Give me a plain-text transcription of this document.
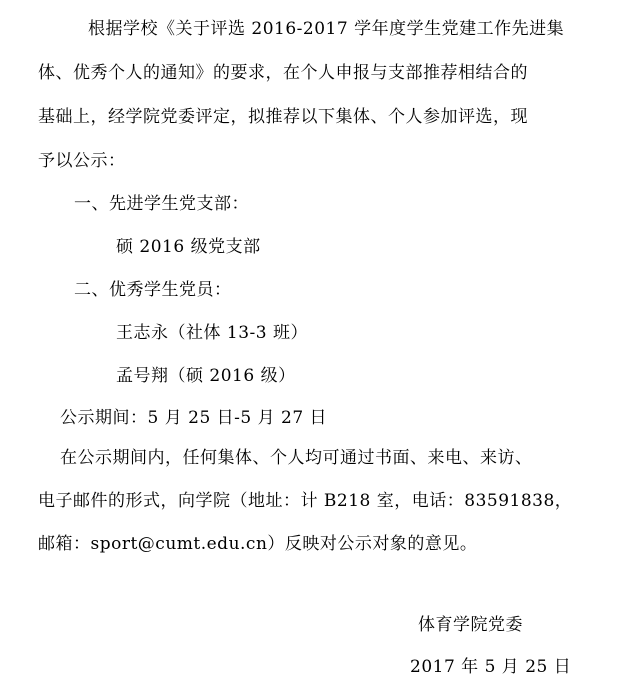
根据学校《关于评选 2016-2017 学年度学生党建工作先进集
体、优秀个人的通知》的要求，在个人申报与支部推荐相结合的
基础上，经学院党委评定，拟推荐以下集体、个人参加评选，现
予以公示：
一、先进学生党支部：
硕 2016 级党支部
二、优秀学生党员：
王志永（社体 13-3 班）
孟号翔（硕 2016 级）
公示期间：5 月 25 日-5 月 27 日
在公示期间内，任何集体、个人均可通过书面、来电、来访、
电子邮件的形式，向学院（地址：计 B218 室，电话：83591838，
邮箱：sport@cumt.edu.cn）反映对公示对象的意见。
体育学院党委
2017 年 5 月 25 日
